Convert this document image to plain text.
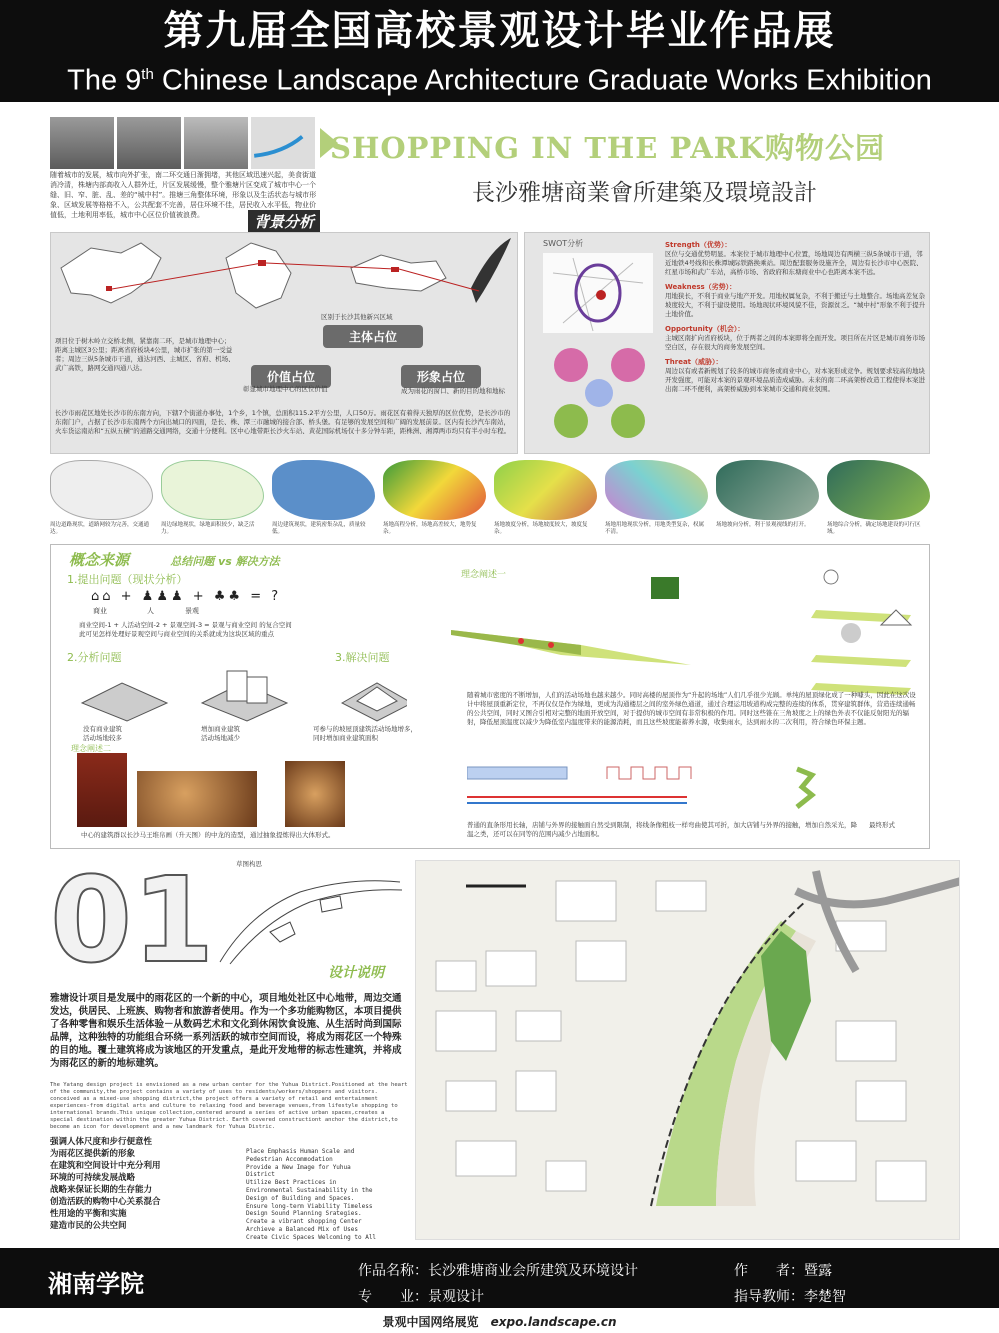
第九届全国高校景观设计毕业作品展
The 9th Chinese Landscape Architecture Graduate Works Exhibition
随着城市的发展，城市向外扩张，南二环交通日渐拥堵，其他区域迅速兴起，美食街道消冷清，株塘内部高收入人群外迁，片区发展缓慢，整个雅塘片区变成了城市中心一个缝、旧、窄、脏、乱、差的“城中村”。推塘三角整体环境，形象以及生活状态与城市形象、区域发展等格格不入，公共配套不完善，居住环境不佳，居民收入水平低，物业价值低，土地利用率低，城市中心区位价值被浪费。	背景分析
SHOPPING IN THE PARK购物公园
長沙雅塘商業會所建築及環境設計
区别于长沙其他新兴区域
主体占位
项目位于树木岭立交桥北侧，紧靠南二环，是城市地理中心；距离主城区3公里；距离省府板块4公里，城市扩张的第一受益者；周边三纵5条城市干道，通达河西、主城区、省府、机场、武广高铁，路网交通四通八达。
价值占位	形象占位
彰显城市地理中心的区位价值	成为雨花的窗口、新的目的地和地标
长沙市雨花区地处长沙市的东南方向，下辖7个街道办事处，1个乡，1个镇，总面积115.2平方公里，人口50万。雨花区有着得天独厚的区位优势，是长沙市的东南门户，占据了长沙市东南两个方向出城口的四面，是长、株、潭三市融城的接合部、桥头堡。有足够的发展空间和广阔的发展前景。区内有长沙汽车南站，火车货运南站和“五纵五横”的道路交通网络，交通十分便利。区中心地带距长沙火车站、黄花国际机场仅十多分钟车距，距株洲、湘潭两市均只有半小时车程。
SWOT分析	Strength（优势）：
区位与交通优势明显。本案位于城市地理中心位置，场地周边有两横三纵5条城市干道，邻近地铁4号线和长株潭城际铁路换乘站。周边配套服务设施齐全，周边有长沙市中心医院、红星市场和武广车站，高桥市场、省政府和东塘商业中心也距离本案不远。
Weakness（劣势）：
用地狭长，不利于商业与地产开发。用地权属复杂，不利于搬迁与土地整合。场地高差复杂坡度较大，不利于建设使用。场地现状环境风貌不佳，资源贫乏。“城中村”形象不利于提升土地价值。
Opportunity（机会）：
主城区南扩向省府板块，位于两者之间的本案即将全面开发。项目所在片区是城市商务市场空白区，存在很大的商务发展空间。
Threat（威胁）：
周边以有或者新规划了较多的城市商务或商业中心，对本案形成竞争。规划要求较高的地块开发强度，可能对本案的景观环境品质造成威胁。未来的南二环高架桥改造工程使得本案进出南二环不便利，高架桥威胁到本案城市交通和商业氛围。
周边道路现状，道路网较为完善，交通通达。
周边绿地现状，绿地面积较少，缺乏活力。
周边建筑现状，建筑密集杂乱，质量较低。
场地高程分析，场地高差较大，地势复杂。
场地坡度分析，场地坡度较大，坡度复杂。
场地用地现状分析，用地类型复杂，权属不清。
场地坡向分析，利于景观视线的打开。	场地综合分析，确定场地建设的可行区域。
概念来源	总结问题 vs 解决方法
1.提出问题（现状分析）
⌂⌂ + ♟♟♟ + ♣♣ = ?
商业	人	景观
商业空间-1 + 人活动空间-2 + 景观空间-3 = 景观与商业空间 的复合空间
此可见怎样处理好景观空间与商业空间的关系就成为这块区域的重点
2.分析问题	3.解决问题
没有商业建筑
活动场地较多
增加商业建筑
活动场地减少
可参与的坡屋顶建筑活动场地增多，
同时增加商业建筑面积
理念阐述二
中心的建筑群以长沙马王堆帛画（升天图）的中龙的造型，通过抽象提炼得出大体形式。
理念阐述一
随着城市密度的不断增加，人们的活动场地也越来越少。同时高楼的屋顶作为“升起的场地”人们几乎很少光顾。单纯的屋顶绿化成了一种噱头，因此在这次设计中将屋顶重新定位，不再仅仅是作为绿地，更成为沟通楼层之间的室外绿色通道，通过合理运用坡道构成完整的连续的体系，贯穿建筑群体，营造连续通畅的公共空间，同时又图合引相对完整的地面开放空间，对于提供的城市空间有非常积极的作用。同时这些锥在三角坡度之上的绿色外表不仅能反射阳光的辐射，降低屋顶温度以减少为降低室内温度带来的能源消耗，而且这些坡度能蓄养水源，收集雨水，达到雨水的二次利用，符合绿色环保主题。
最终形式
普通的直条形用长轴，店铺与外界的接触面自然受到限制，将线条像粗枝一样弯曲使其可折，加大店铺与外界的接触，增加自然采光，降温之类，还可以在同等的范围内减少占地面积。
01	草图构思
设计说明
雅塘设计项目是发展中的雨花区的一个新的中心，项目地处社区中心地带，周边交通发达，供居民、上班族、购物者和旅游者使用。作为一个多功能购物区，本项目提供了各种零售和娱乐生活体验－从数码艺术和文化到休闲饮食设施、从生活时尚到国际品牌，这种独特的功能组合环绕一系列活跃的城市空间而设，将成为雨花区一个特殊的目的地。覆土建筑将成为该地区的开发重点，是此开发地带的标志性建筑，并将成为雨花区的新的地标建筑。
The Yatang design project is envisioned as a new urban center for the Yuhua District.Positioned at the heart of the community,the project contains a variety of uses to residents/workers/shoppers and visitors. conceived as a mixed-use shopping district,the project offers a variety of retail and entertainment experiences-from digital arts and culture to relaxing food and beverage venues,from lifestyle shopping to international brands.This unique collection,centered around a series of active urban spaces,creates a special destination within the greater Yuhua District. Earth covered constructiont anchor the district,to become an icon for development and a new landmark for Yuhua Distric.
强调人体尺度和步行便意性
为雨花区提供新的形象
在建筑和空间设计中充分利用
环境的可持续发展战略
战略来保证长期的生存能力
创造活跃的购物中心关系混合
性用途的平衡和实施
建造市民的公共空间
Place Emphasis Human Scale and
Pedestrian Accommodation
Provide a New Image for Yuhua
District
Utilize Best Practices in
Environmental Sustainability in the
Design of Building and Spaces.
Ensure long-term Viability Timeless
Design Sound Planning Srategies.
Create a vibrant shopping Center
Archieve a Balanced Mix of Uses
Create Civic Spaces Welcoming to All
湘南学院	作品名称：长沙雅塘商业会所建筑及环境设计	作　　者：暨露
专　　业：景观设计	指导教师：李楚智
景观中国网络展览 expo.landscape.cn
